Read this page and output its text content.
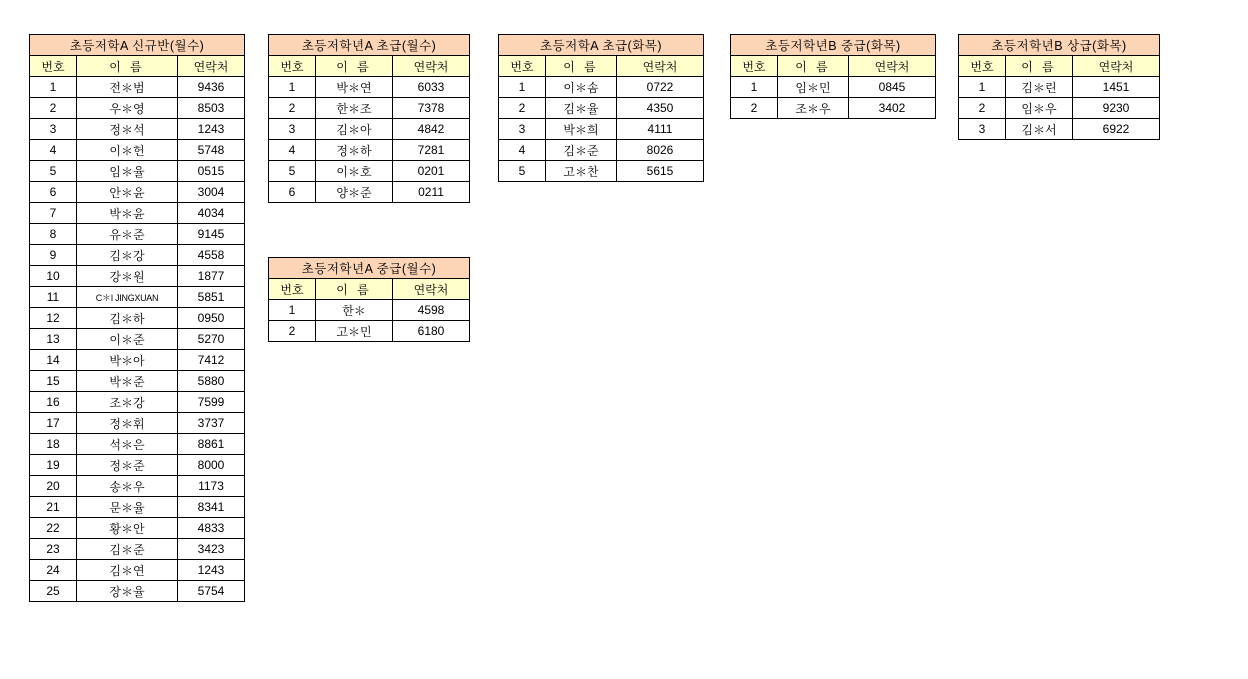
초등저학A 신규반(월수)		
번호	이 름	연락처
1	전＊범	9436
2	우＊영	8503
3	정＊석	1243
4	이＊헌	5748
5	임＊율	0515
6	안＊윤	3004
7	박＊윤	4034
8	유＊준	9145
9	김＊강	4558
10	강＊원	1877
11	C＊I JINGXUAN	5851
12	김＊하	0950
13	이＊준	5270
14	박＊아	7412
15	박＊준	5880
16	조＊강	7599
17	정＊휘	3737
18	석＊은	8861
19	정＊준	8000
20	송＊우	1173
21	문＊율	8341
22	황＊안	4833
23	김＊준	3423
24	김＊연	1243
25	장＊율	5754
초등저학년A 초급(월수)		
번호	이 름	연락처
1	박＊연	6033
2	한＊조	7378
3	김＊아	4842
4	정＊하	7281
5	이＊호	0201
6	양＊준	0211
초등저학년A 중급(월수)		
번호	이 름	연락처
1	한＊	4598
2	고＊민	6180
초등저학A 초급(화목)		
번호	이 름	연락처
1	이＊솜	0722
2	김＊율	4350
3	박＊희	4111
4	김＊준	8026
5	고＊찬	5615
초등저학년B 중급(화목)		
번호	이 름	연락처
1	임＊민	0845
2	조＊우	3402
초등저학년B 상급(화목)		
번호	이 름	연락처
1	김＊린	1451
2	임＊우	9230
3	김＊서	6922
